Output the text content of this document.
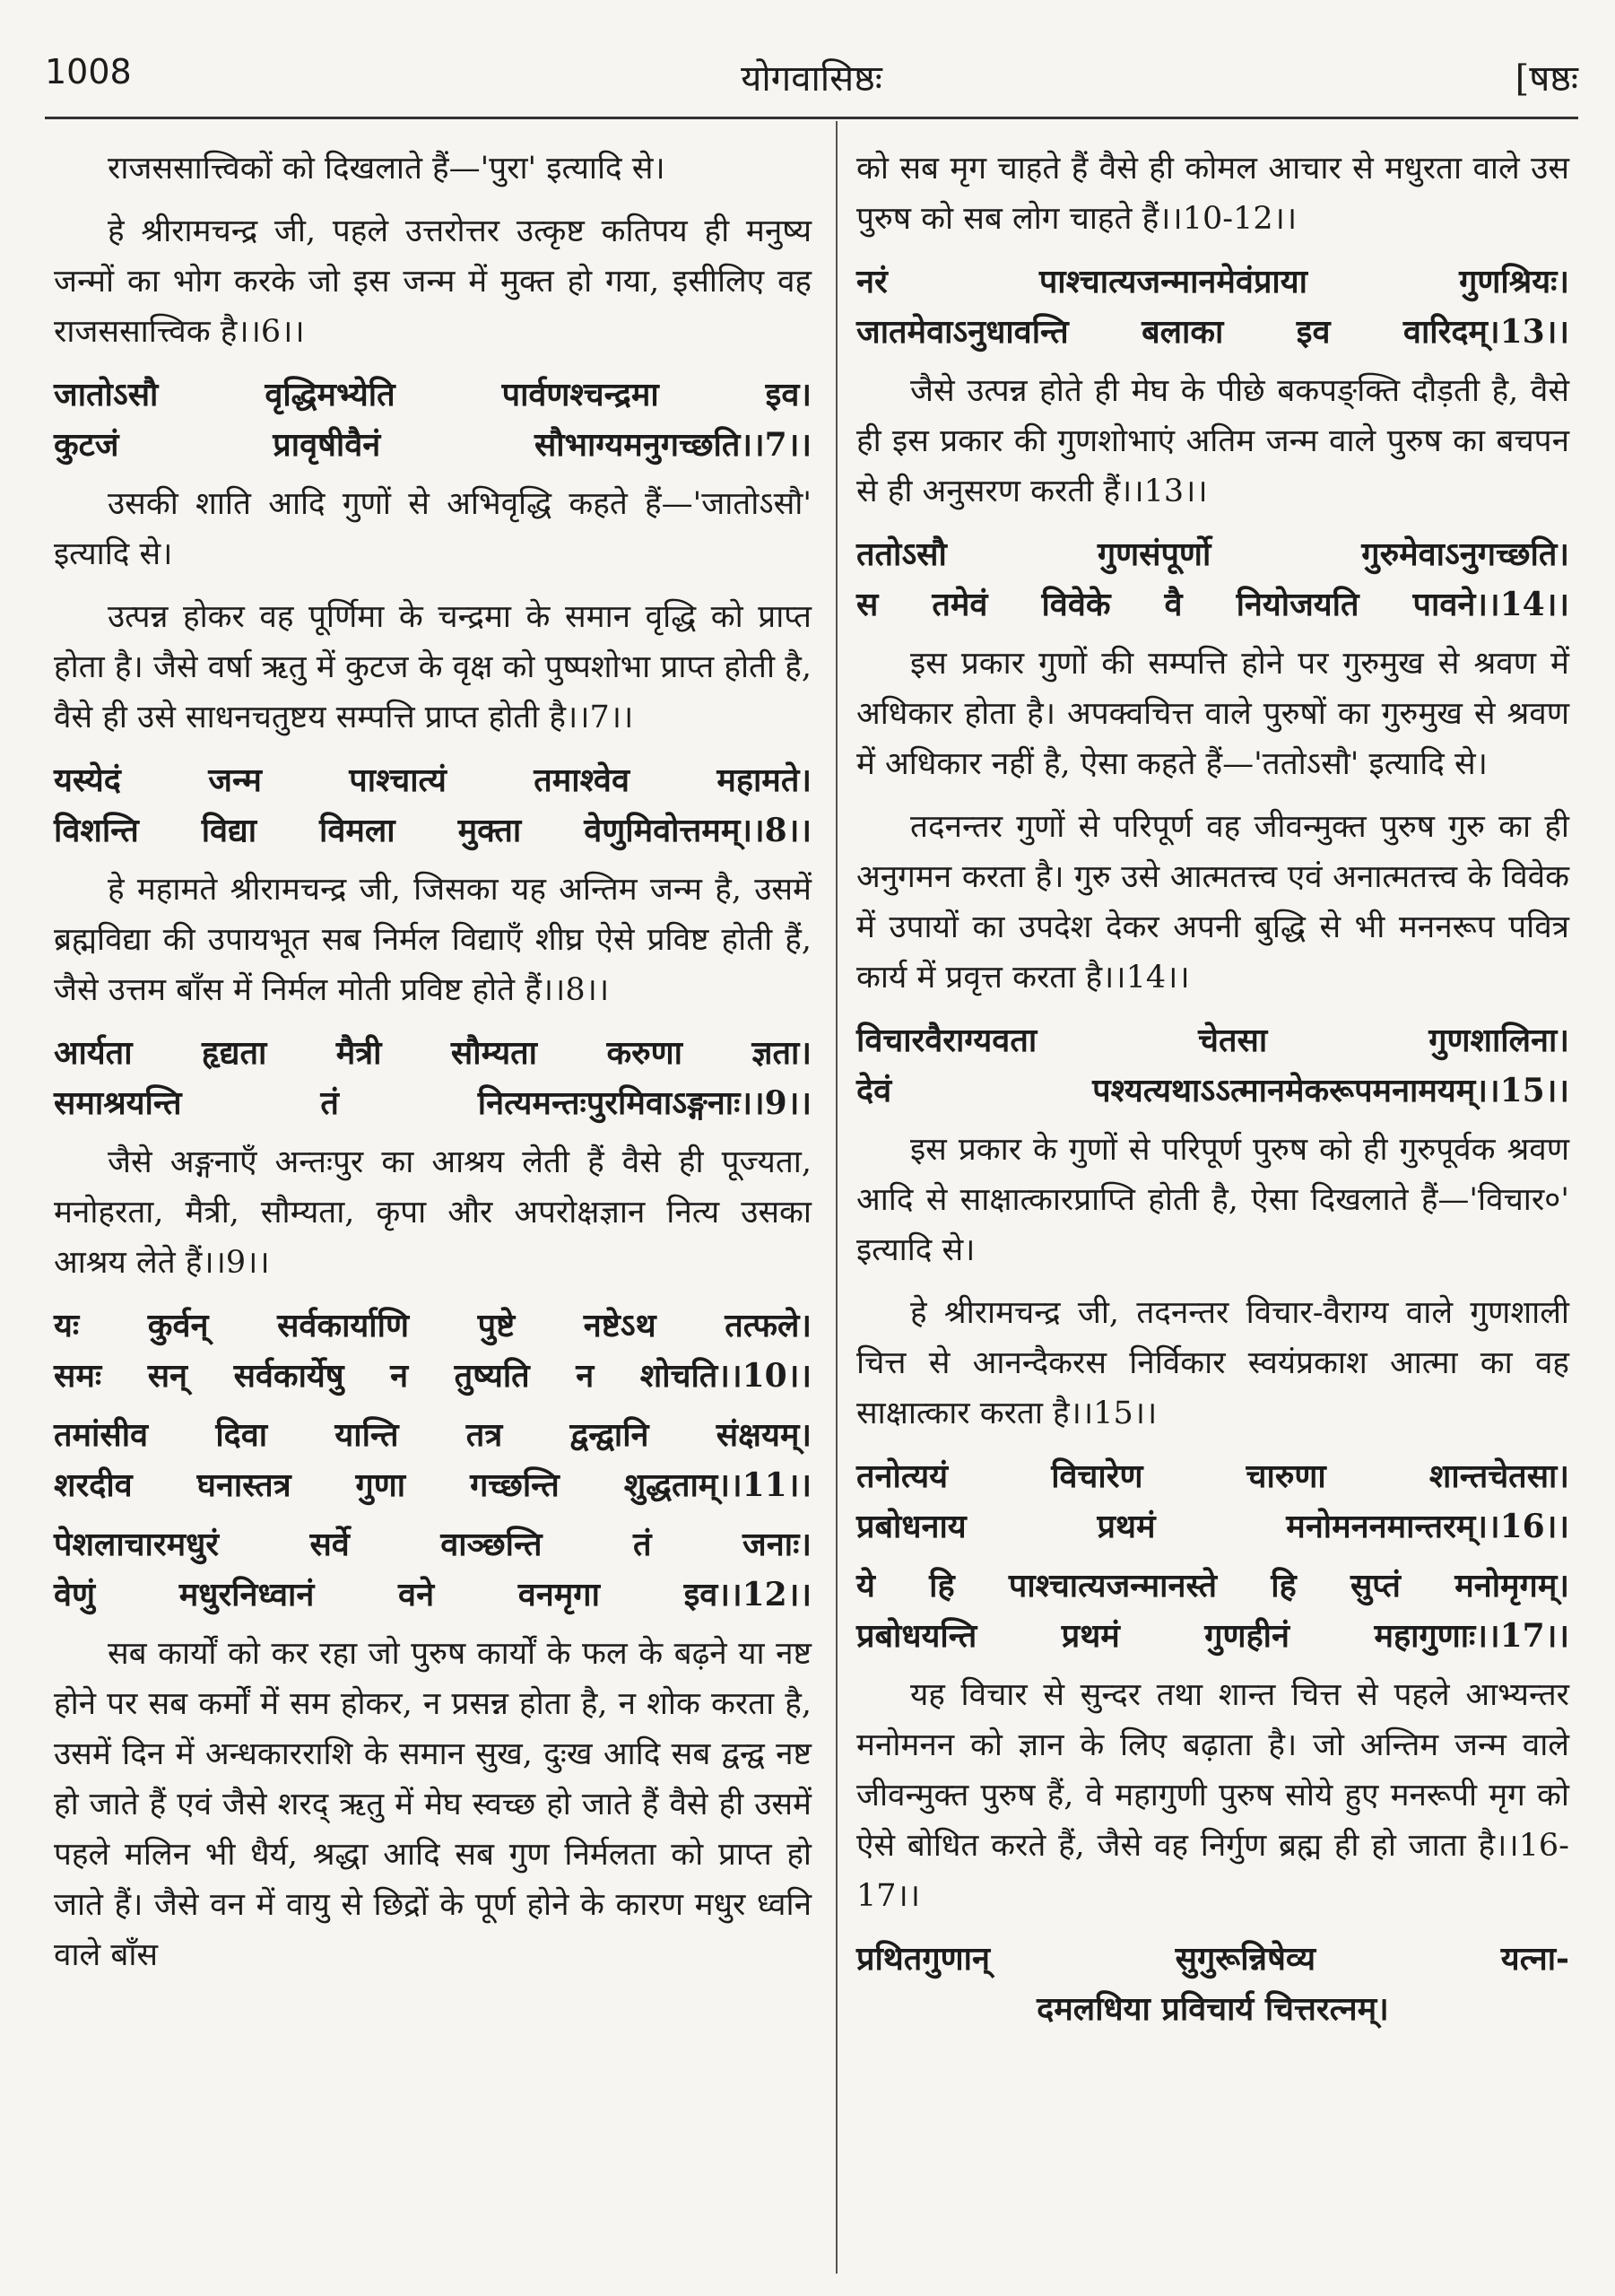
1008	योगवासिष्ठः	[षष्ठः

राजससात्त्विकों को दिखलाते हैं—'पुरा' इत्यादि से।

हे श्रीरामचन्द्र जी, पहले उत्तरोत्तर उत्कृष्ट कतिपय ही मनुष्य जन्मों का भोग करके जो इस जन्म में मुक्त हो गया, इसीलिए वह राजससात्त्विक है।।6।।

जातोऽसौ वृद्धिमभ्येति पार्वणश्चन्द्रमा इव।
कुटजं प्रावृषीवैनं सौभाग्यमनुगच्छति।।7।।

उसकी शाति आदि गुणों से अभिवृद्धि कहते हैं—'जातोऽसौ' इत्यादि से।

उत्पन्न होकर वह पूर्णिमा के चन्द्रमा के समान वृद्धि को प्राप्त होता है। जैसे वर्षा ऋतु में कुटज के वृक्ष को पुष्पशोभा प्राप्त होती है, वैसे ही उसे साधनचतुष्टय सम्पत्ति प्राप्त होती है।।7।।

यस्येदं जन्म पाश्चात्यं तमाश्वेव महामते।
विशन्ति विद्या विमला मुक्ता वेणुमिवोत्तमम्।।8।।

हे महामते श्रीरामचन्द्र जी, जिसका यह अन्तिम जन्म है, उसमें ब्रह्मविद्या की उपायभूत सब निर्मल विद्याएँ शीघ्र ऐसे प्रविष्ट होती हैं, जैसे उत्तम बाँस में निर्मल मोती प्रविष्ट होते हैं।।8।।

आर्यता हृद्यता मैत्री सौम्यता करुणा ज्ञता।
समाश्रयन्ति तं नित्यमन्तःपुरमिवाऽङ्गनाः।।9।।

जैसे अङ्गनाएँ अन्तःपुर का आश्रय लेती हैं वैसे ही पूज्यता, मनोहरता, मैत्री, सौम्यता, कृपा और अपरोक्षज्ञान नित्य उसका आश्रय लेते हैं।।9।।

यः कुर्वन् सर्वकार्याणि पुष्टे नष्टेऽथ तत्फले।
समः सन् सर्वकार्येषु न तुष्यति न शोचति।।10।।

तमांसीव दिवा यान्ति तत्र द्वन्द्वानि संक्षयम्।
शरदीव घनास्तत्र गुणा गच्छन्ति शुद्धताम्।।11।।

पेशलाचारमधुरं सर्वे वाञ्छन्ति तं जनाः।
वेणुं मधुरनिध्वानं वने वनमृगा इव।।12।।

सब कार्यों को कर रहा जो पुरुष कार्यों के फल के बढ़ने या नष्ट होने पर सब कर्मों में सम होकर, न प्रसन्न होता है, न शोक करता है, उसमें दिन में अन्धकारराशि के समान सुख, दुःख आदि सब द्वन्द्व नष्ट हो जाते हैं एवं जैसे शरद् ऋतु में मेघ स्वच्छ हो जाते हैं वैसे ही उसमें पहले मलिन भी धैर्य, श्रद्धा आदि सब गुण निर्मलता को प्राप्त हो जाते हैं। जैसे वन में वायु से छिद्रों के पूर्ण होने के कारण मधुर ध्वनि वाले बाँस

को सब मृग चाहते हैं वैसे ही कोमल आचार से मधुरता वाले उस पुरुष को सब लोग चाहते हैं।।10-12।।

नरं पाश्चात्यजन्मानमेवंप्राया गुणश्रियः।
जातमेवाऽनुधावन्ति बलाका इव वारिदम्।13।।

जैसे उत्पन्न होते ही मेघ के पीछे बकपङ्क्ति दौड़ती है, वैसे ही इस प्रकार की गुणशोभाएं अतिम जन्म वाले पुरुष का बचपन से ही अनुसरण करती हैं।।13।।

ततोऽसौ गुणसंपूर्णो गुरुमेवाऽनुगच्छति।
स तमेवं विवेके वै नियोजयति पावने।।14।।

इस प्रकार गुणों की सम्पत्ति होने पर गुरुमुख से श्रवण में अधिकार होता है। अपक्वचित्त वाले पुरुषों का गुरुमुख से श्रवण में अधिकार नहीं है, ऐसा कहते हैं—'ततोऽसौ' इत्यादि से।

तदनन्तर गुणों से परिपूर्ण वह जीवन्मुक्त पुरुष गुरु का ही अनुगमन करता है। गुरु उसे आत्मतत्त्व एवं अनात्मतत्त्व के विवेक में उपायों का उपदेश देकर अपनी बुद्धि से भी मननरूप पवित्र कार्य में प्रवृत्त करता है।।14।।

विचारवैराग्यवता चेतसा गुणशालिना।
देवं पश्यत्यथाऽऽत्मानमेकरूपमनामयम्।।15।।

इस प्रकार के गुणों से परिपूर्ण पुरुष को ही गुरुपूर्वक श्रवण आदि से साक्षात्कारप्राप्ति होती है, ऐसा दिखलाते हैं—'विचार०' इत्यादि से।

हे श्रीरामचन्द्र जी, तदनन्तर विचार-वैराग्य वाले गुणशाली चित्त से आनन्दैकरस निर्विकार स्वयंप्रकाश आत्मा का वह साक्षात्कार करता है।।15।।

तनोत्ययं विचारेण चारुणा शान्तचेतसा।
प्रबोधनाय प्रथमं मनोमननमान्तरम्।।16।।

ये हि पाश्चात्यजन्मानस्ते हि सुप्तं मनोमृगम्।
प्रबोधयन्ति प्रथमं गुणहीनं महागुणाः।।17।।

यह विचार से सुन्दर तथा शान्त चित्त से पहले आभ्यन्तर मनोमनन को ज्ञान के लिए बढ़ाता है। जो अन्तिम जन्म वाले जीवन्मुक्त पुरुष हैं, वे महागुणी पुरुष सोये हुए मनरूपी मृग को ऐसे बोधित करते हैं, जैसे वह निर्गुण ब्रह्म ही हो जाता है।।16-17।।

प्रथितगुणान् सुगुरून्निषेव्य यत्ना-
दमलधिया प्रविचार्य चित्तरत्नम्।
